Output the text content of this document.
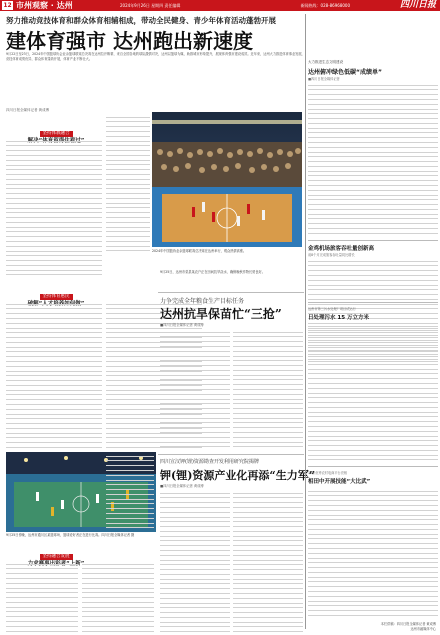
12 市州观察 · 达州	2024年9月26日 星期四 责任编辑	新闻热线：028-86968000	四川日报
努力推动竞技体育和群众体育相辅相成，带动全民健身、青少年体育活动蓬勃开展
建体育强市 达州跑出新速度
9月22日至23日，2024年中国篮球协会业余篮球联赛总决赛在达州拉开帷幕，来自全国各地的球队激情对决，达州以篮球为媒，助推城市形象提升，展现体育强市建设成效。近年来，达州大力推进体育事业发展，竞技体育成绩优异，群众体育蓬勃开展，体育产业不断壮大。
四川日报全媒体记者 黄成博
坚持体教融合
解决“体育留得住看过”
坚持体育惠民
破解“人才培养如何做”
2024年中国篮协业余篮球联赛总决赛在达州举行，观众热情高涨。
9月25日傍晚，达州市通川区某篮球场，篮球爱好者正在进行比赛。四川日报全媒体记者 摄
坚持融合发展
力求赛事出彩者“上新”
力争完成全年粮食生产目标任务
达州抗旱保苗忙“三抢”
■四川日报全媒体记者 黄成博
9月25日，达州市渠县某农户正在田间抗旱浇水，确保晚秋作物长势良好。
四川宣汉钾(锂)资源勘查开发利用研究院揭牌
钾(锂)资源产业化再添“生力军”
■四川日报全媒体记者 黄成博
大力推进生态文明建设
达州俯冲绿色低碳“成绩单”
■四川日报全媒体记者
金鸡机场旅客吞吐量创新高
前8个月完成旅客吞吐量同比增长
达州市第三污水处理厂项目试运行
日处理污水 15 万立方米
31家优秀农村电商平台亮相
相田中开展技能“大比武”
本栏供稿：四川日报全媒体记者 黄成博
达州市融媒体中心
